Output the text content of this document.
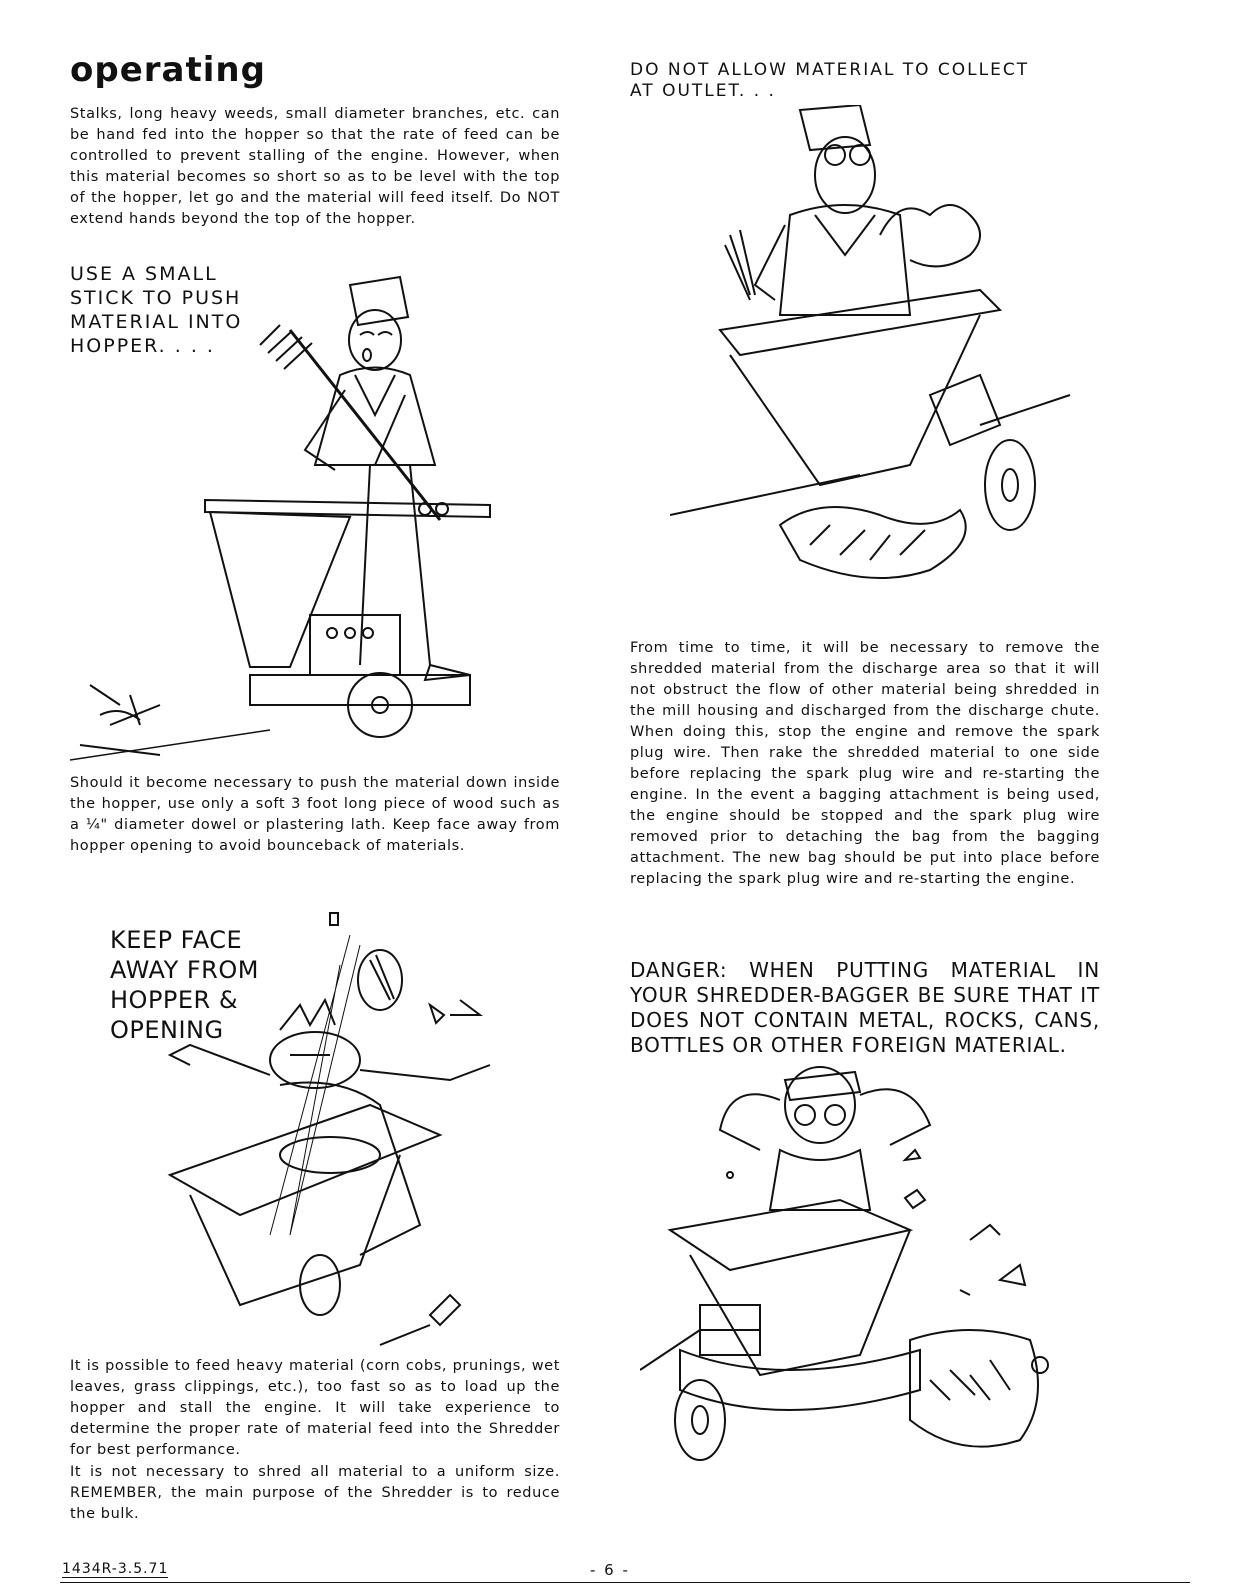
operating

Stalks, long heavy weeds, small diameter branches, etc. can be hand fed into the hopper so that the rate of feed can be controlled to prevent stalling of the engine. However, when this material becomes so short so as to be level with the top of the hopper, let go and the material will feed itself. Do NOT extend hands beyond the top of the hopper.

USE A SMALL
STICK TO PUSH
MATERIAL INTO
HOPPER. . . .

Should it become necessary to push the material down inside the hopper, use only a soft 3 foot long piece of wood such as a ¼" diameter dowel or plastering lath. Keep face away from hopper opening to avoid bounceback of materials.

KEEP FACE
AWAY FROM
HOPPER &
OPENING

It is possible to feed heavy material (corn cobs, prunings, wet leaves, grass clippings, etc.), too fast so as to load up the hopper and stall the engine. It will take experience to determine the proper rate of material feed into the Shredder for best performance.

It is not necessary to shred all material to a uniform size. REMEMBER, the main purpose of the Shredder is to reduce the bulk.

DO NOT ALLOW MATERIAL TO COLLECT
AT OUTLET. . .

From time to time, it will be necessary to remove the shredded material from the discharge area so that it will not obstruct the flow of other material being shredded in the mill housing and discharged from the discharge chute. When doing this, stop the engine and remove the spark plug wire. Then rake the shredded material to one side before replacing the spark plug wire and re-starting the engine. In the event a bagging attachment is being used, the engine should be stopped and the spark plug wire removed prior to detaching the bag from the bagging attachment. The new bag should be put into place before replacing the spark plug wire and re-starting the engine.

DANGER: WHEN PUTTING MATERIAL IN YOUR SHREDDER-BAGGER BE SURE THAT IT DOES NOT CONTAIN METAL, ROCKS, CANS, BOTTLES OR OTHER FOREIGN MATERIAL.

1434R-3.5.71	- 6 -
